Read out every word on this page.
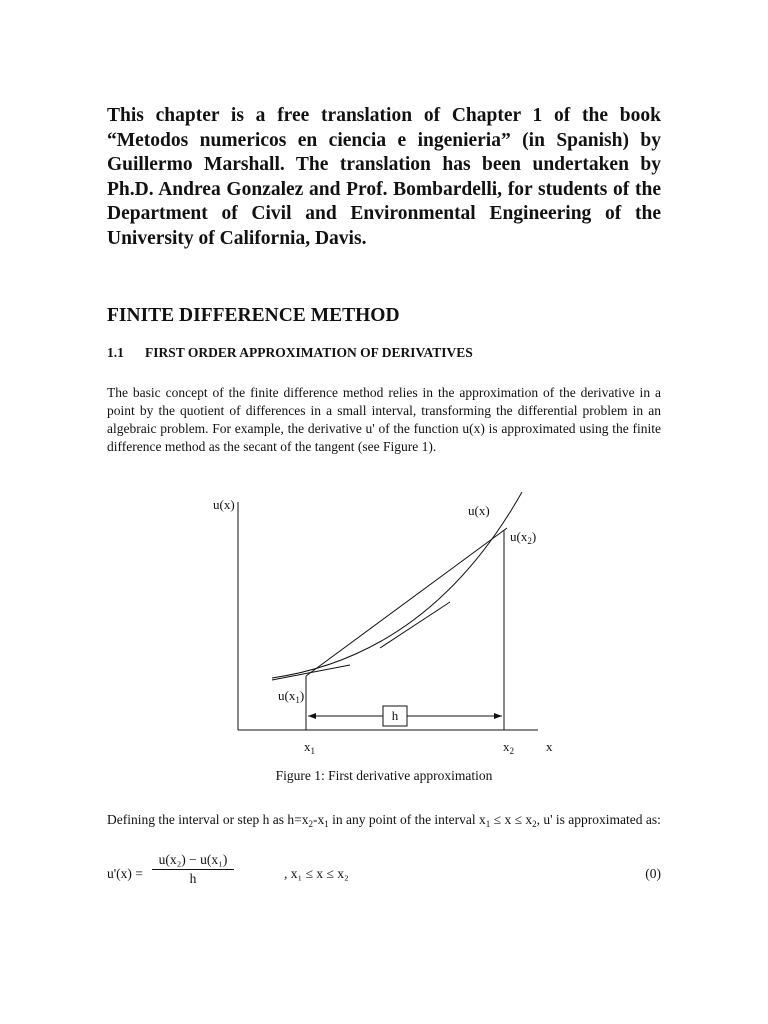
This chapter is a free translation of Chapter 1 of the book “Metodos numericos en ciencia e ingenieria” (in Spanish) by Guillermo Marshall. The translation has been undertaken by Ph.D. Andrea Gonzalez and Prof. Bombardelli, for students of the Department of Civil and Environmental Engineering of the University of California, Davis.
FINITE DIFFERENCE METHOD
1.1 FIRST ORDER APPROXIMATION OF DERIVATIVES
The basic concept of the finite difference method relies in the approximation of the derivative in a point by the quotient of differences in a small interval, transforming the differential problem in an algebraic problem. For example, the derivative u' of the function u(x) is approximated using the finite difference method as the secant of the tangent (see Figure 1).
h
u(x)	u(x)
$u(x_2)$
$u(x_1)$
$x_1$	$x_2$ x
Figure 1: First derivative approximation
Defining the interval or step h as $h=x_2-x_1$ in any point of the interval $x_1 \le x \le x_2$, u' is approximated as:
$u'(x) = \frac{\text{u(x₂) − u(x₁)}}{h}$	, x₁ ≤ x ≤ x₂	(0)
